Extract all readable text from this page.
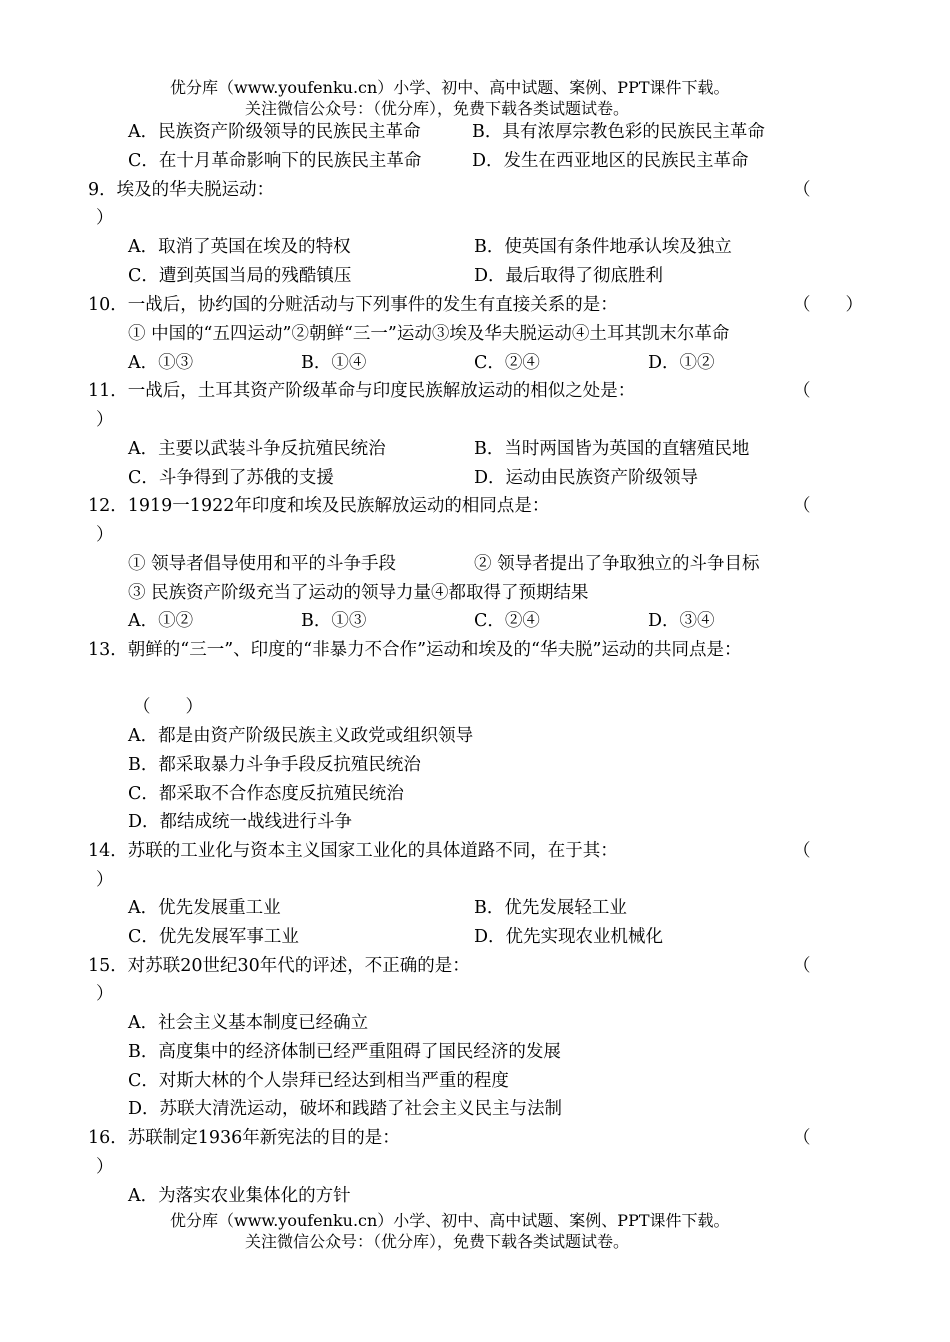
优分库（www.youfenku.cn）小学、初中、高中试题、案例、PPT课件下载。
关注微信公众号：（优分库），免费下载各类试题试卷。
A．民族资产阶级领导的民族民主革命	B．具有浓厚宗教色彩的民族民主革命
C．在十月革命影响下的民族民主革命	D．发生在西亚地区的民族民主革命
9．埃及的华夫脱运动：	（
）
A．取消了英国在埃及的特权	B．使英国有条件地承认埃及独立
C．遭到英国当局的残酷镇压	D．最后取得了彻底胜利
10．一战后，协约国的分赃活动与下列事件的发生有直接关系的是：	（　　）
① 中国的“五四运动”②朝鲜“三一”运动③埃及华夫脱运动④土耳其凯末尔革命
A．①③	B．①④	C．②④	D．①②
11．一战后，土耳其资产阶级革命与印度民族解放运动的相似之处是：	（
）
A．主要以武装斗争反抗殖民统治	B．当时两国皆为英国的直辖殖民地
C．斗争得到了苏俄的支援	D．运动由民族资产阶级领导
12．1919一1922年印度和埃及民族解放运动的相同点是：	（
）
① 领导者倡导使用和平的斗争手段	② 领导者提出了争取独立的斗争目标
③ 民族资产阶级充当了运动的领导力量④都取得了预期结果
A．①②	B．①③	C．②④	D．③④
13．朝鲜的“三一”、印度的“非暴力不合作”运动和埃及的“华夫脱”运动的共同点是：
（　　）
A．都是由资产阶级民族主义政党或组织领导
B．都采取暴力斗争手段反抗殖民统治
C．都采取不合作态度反抗殖民统治
D．都结成统一战线进行斗争
14．苏联的工业化与资本主义国家工业化的具体道路不同，在于其：	（
）
A．优先发展重工业	B．优先发展轻工业
C．优先发展军事工业	D．优先实现农业机械化
15．对苏联20世纪30年代的评述，不正确的是：	（
）
A．社会主义基本制度已经确立
B．高度集中的经济体制已经严重阻碍了国民经济的发展
C．对斯大林的个人崇拜已经达到相当严重的程度
D．苏联大清洗运动，破坏和践踏了社会主义民主与法制
16．苏联制定1936年新宪法的目的是：	（
）
A．为落实农业集体化的方针
优分库（www.youfenku.cn）小学、初中、高中试题、案例、PPT课件下载。
关注微信公众号：（优分库），免费下载各类试题试卷。
